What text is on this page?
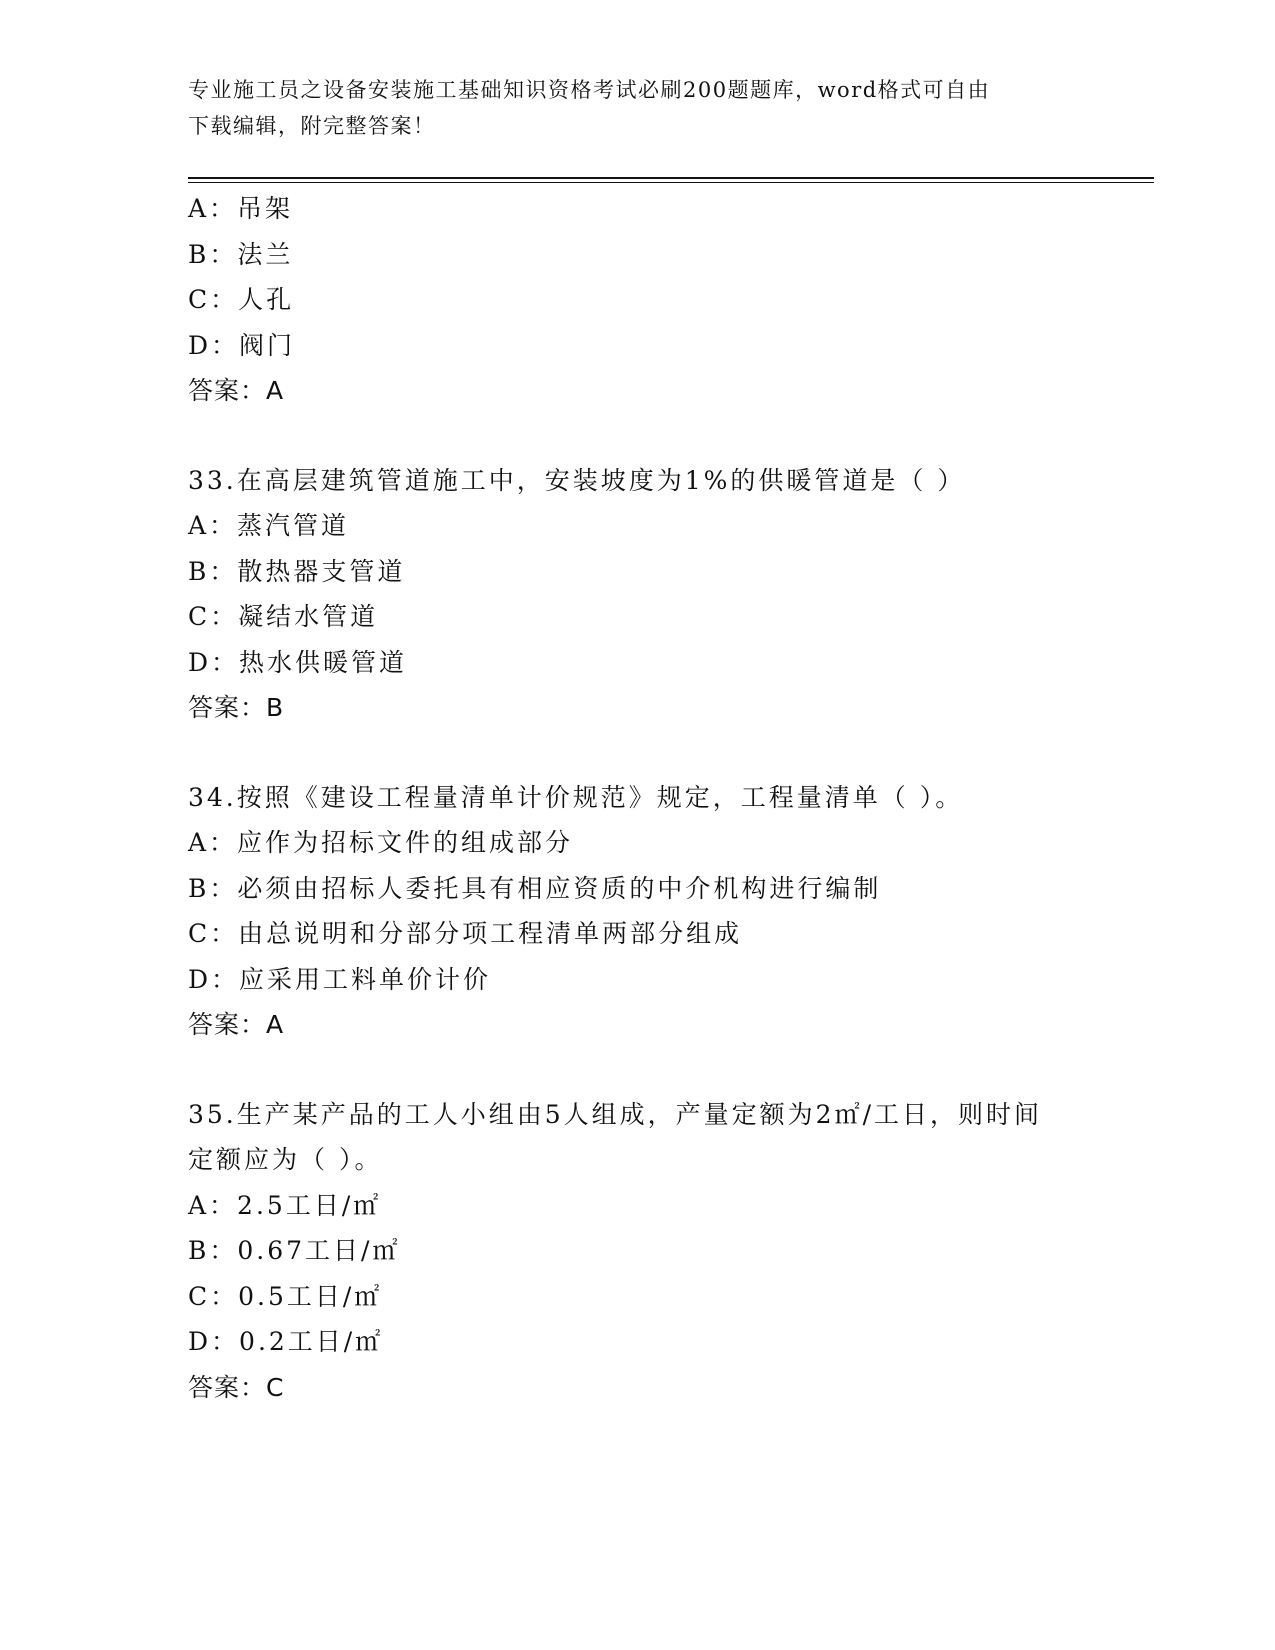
专业施工员之设备安装施工基础知识资格考试必刷200题题库，word格式可自由
下载编辑，附完整答案！
A：吊架
B：法兰
C：人孔
D：阀门
答案：A
33.在高层建筑管道施工中，安装坡度为1%的供暖管道是（ ）
A：蒸汽管道
B：散热器支管道
C：凝结水管道
D：热水供暖管道
答案：B
34.按照《建设工程量清单计价规范》规定，工程量清单（ ）。
A：应作为招标文件的组成部分
B：必须由招标人委托具有相应资质的中介机构进行编制
C：由总说明和分部分项工程清单两部分组成
D：应采用工料单价计价
答案：A
35.生产某产品的工人小组由5人组成，产量定额为2㎡/工日，则时间
定额应为（ ）。
A：2.5工日/㎡
B：0.67工日/㎡
C：0.5工日/㎡
D：0.2工日/㎡
答案：C
